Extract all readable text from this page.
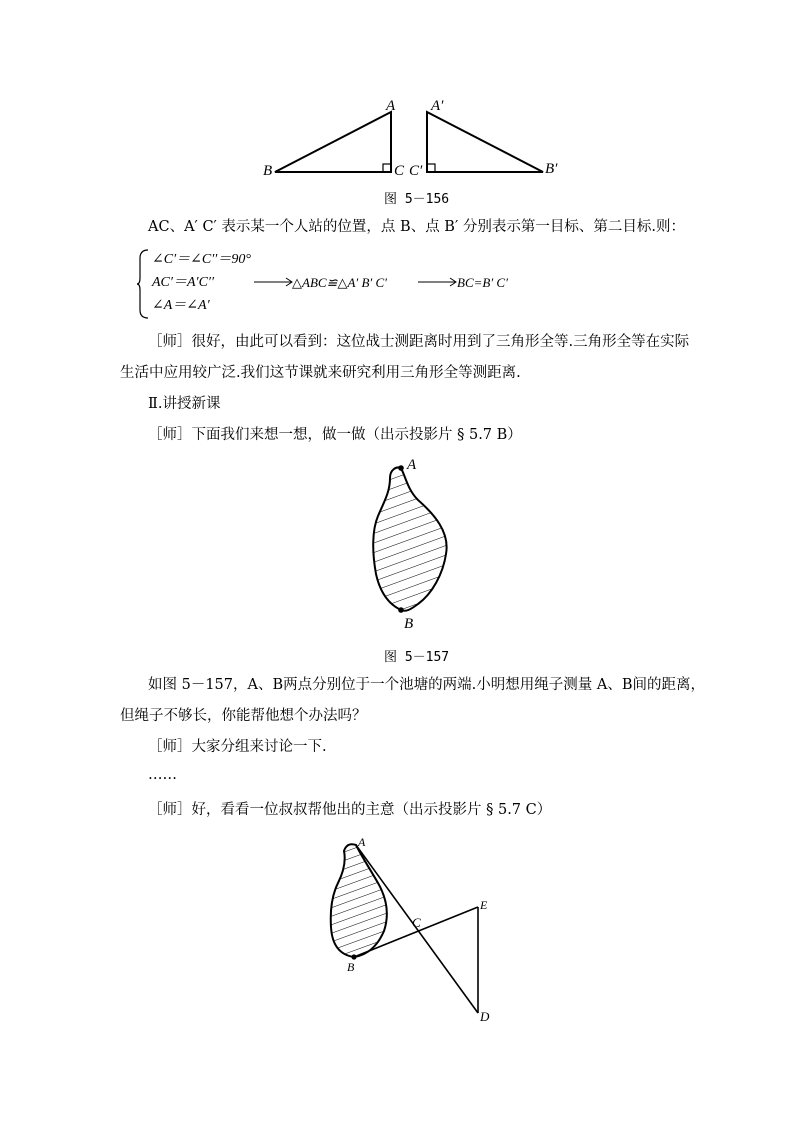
A
B	C
A′
C′	B′
图 5－156
AC、A′ C′ 表示某一个人站的位置，点 B、点 B′ 分别表示第一目标、第二目标.则：
∠C′＝∠C′′＝90°
AC′＝A′C′′
∠A＝∠A′
△ABC≌△A′ B′ C′	BC=B′ C′
［师］很好，由此可以看到：这位战士测距离时用到了三角形全等.三角形全等在实际
生活中应用较广泛.我们这节课就来研究利用三角形全等测距离.
Ⅱ.讲授新课
［师］下面我们来想一想，做一做（出示投影片 § 5.7 B）
A
B
图 5－157
如图 5－157，A、B两点分别位于一个池塘的两端.小明想用绳子测量 A、B间的距离，
但绳子不够长，你能帮他想个办法吗？
［师］大家分组来讨论一下.
……
［师］好，看看一位叔叔帮他出的主意（出示投影片 § 5.7 C）
A
B
C
D
E
